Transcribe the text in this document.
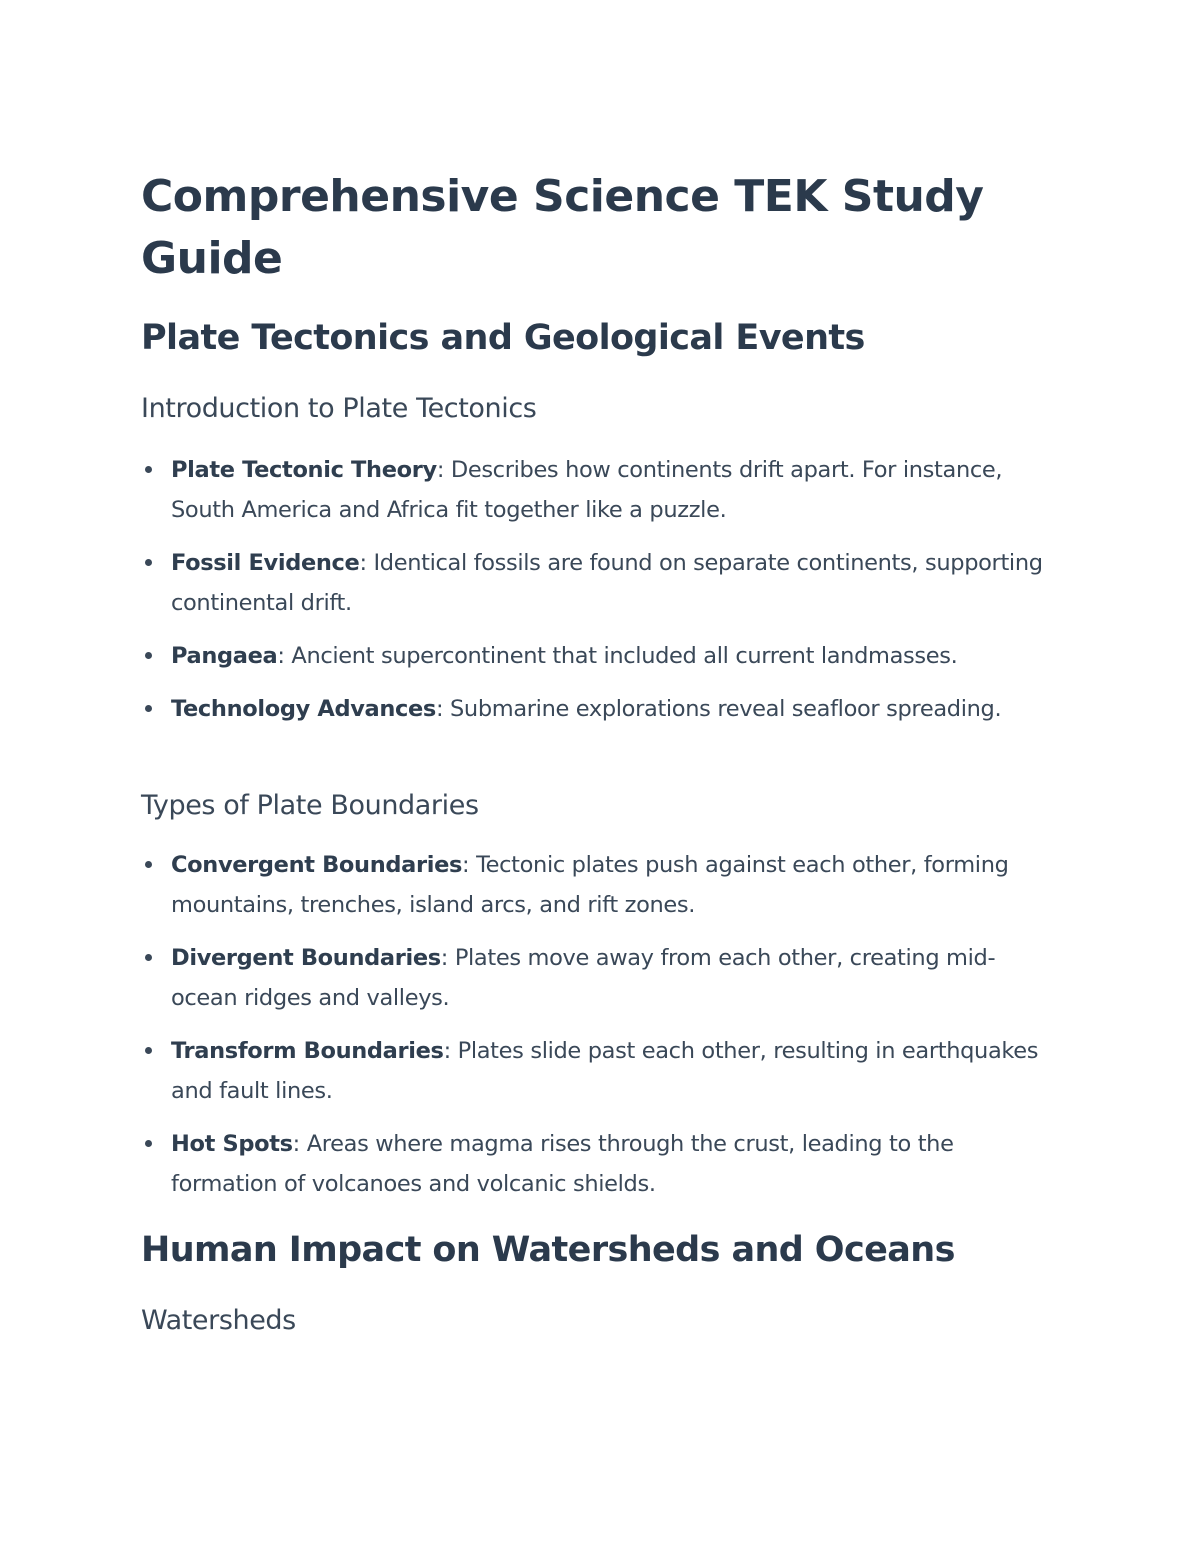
Comprehensive Science TEK Study Guide
Plate Tectonics and Geological Events
Introduction to Plate Tectonics
Plate Tectonic Theory: Describes how continents drift apart. For instance, South America and Africa fit together like a puzzle.
Fossil Evidence: Identical fossils are found on separate continents, supporting continental drift.
Pangaea: Ancient supercontinent that included all current landmasses.
Technology Advances: Submarine explorations reveal seafloor spreading.
Types of Plate Boundaries
Convergent Boundaries: Tectonic plates push against each other, forming mountains, trenches, island arcs, and rift zones.
Divergent Boundaries: Plates move away from each other, creating mid-ocean ridges and valleys.
Transform Boundaries: Plates slide past each other, resulting in earthquakes and fault lines.
Hot Spots: Areas where magma rises through the crust, leading to the formation of volcanoes and volcanic shields.
Human Impact on Watersheds and Oceans
Watersheds
